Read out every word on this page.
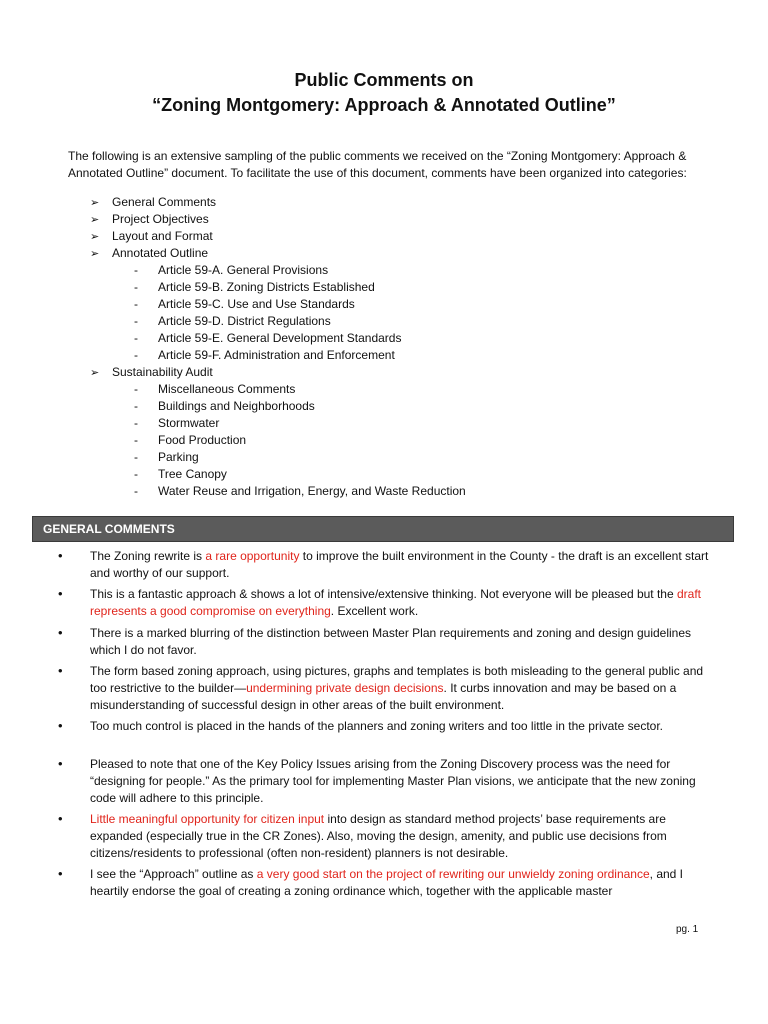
Public Comments on
“Zoning Montgomery: Approach & Annotated Outline”
The following is an extensive sampling of the public comments we received on the “Zoning Montgomery: Approach & Annotated Outline” document. To facilitate the use of this document, comments have been organized into categories:
➢ General Comments
➢ Project Objectives
➢ Layout and Format
➢ Annotated Outline
- Article 59-A. General Provisions
- Article 59-B. Zoning Districts Established
- Article 59-C. Use and Use Standards
- Article 59-D. District Regulations
- Article 59-E. General Development Standards
- Article 59-F. Administration and Enforcement
➢ Sustainability Audit
- Miscellaneous Comments
- Buildings and Neighborhoods
- Stormwater
- Food Production
- Parking
- Tree Canopy
- Water Reuse and Irrigation, Energy, and Waste Reduction
GENERAL COMMENTS
• The Zoning rewrite is a rare opportunity to improve the built environment in the County - the draft is an excellent start and worthy of our support.
• This is a fantastic approach & shows a lot of intensive/extensive thinking. Not everyone will be pleased but the draft represents a good compromise on everything. Excellent work.
• There is a marked blurring of the distinction between Master Plan requirements and zoning and design guidelines which I do not favor.
• The form based zoning approach, using pictures, graphs and templates is both misleading to the general public and too restrictive to the builder—undermining private design decisions. It curbs innovation and may be based on a misunderstanding of successful design in other areas of the built environment.
• Too much control is placed in the hands of the planners and zoning writers and too little in the private sector.
• Pleased to note that one of the Key Policy Issues arising from the Zoning Discovery process was the need for “designing for people.” As the primary tool for implementing Master Plan visions, we anticipate that the new zoning code will adhere to this principle.
• Little meaningful opportunity for citizen input into design as standard method projects’ base requirements are expanded (especially true in the CR Zones). Also, moving the design, amenity, and public use decisions from citizens/residents to professional (often non-resident) planners is not desirable.
• I see the “Approach” outline as a very good start on the project of rewriting our unwieldy zoning ordinance, and I heartily endorse the goal of creating a zoning ordinance which, together with the applicable master
pg. 1
